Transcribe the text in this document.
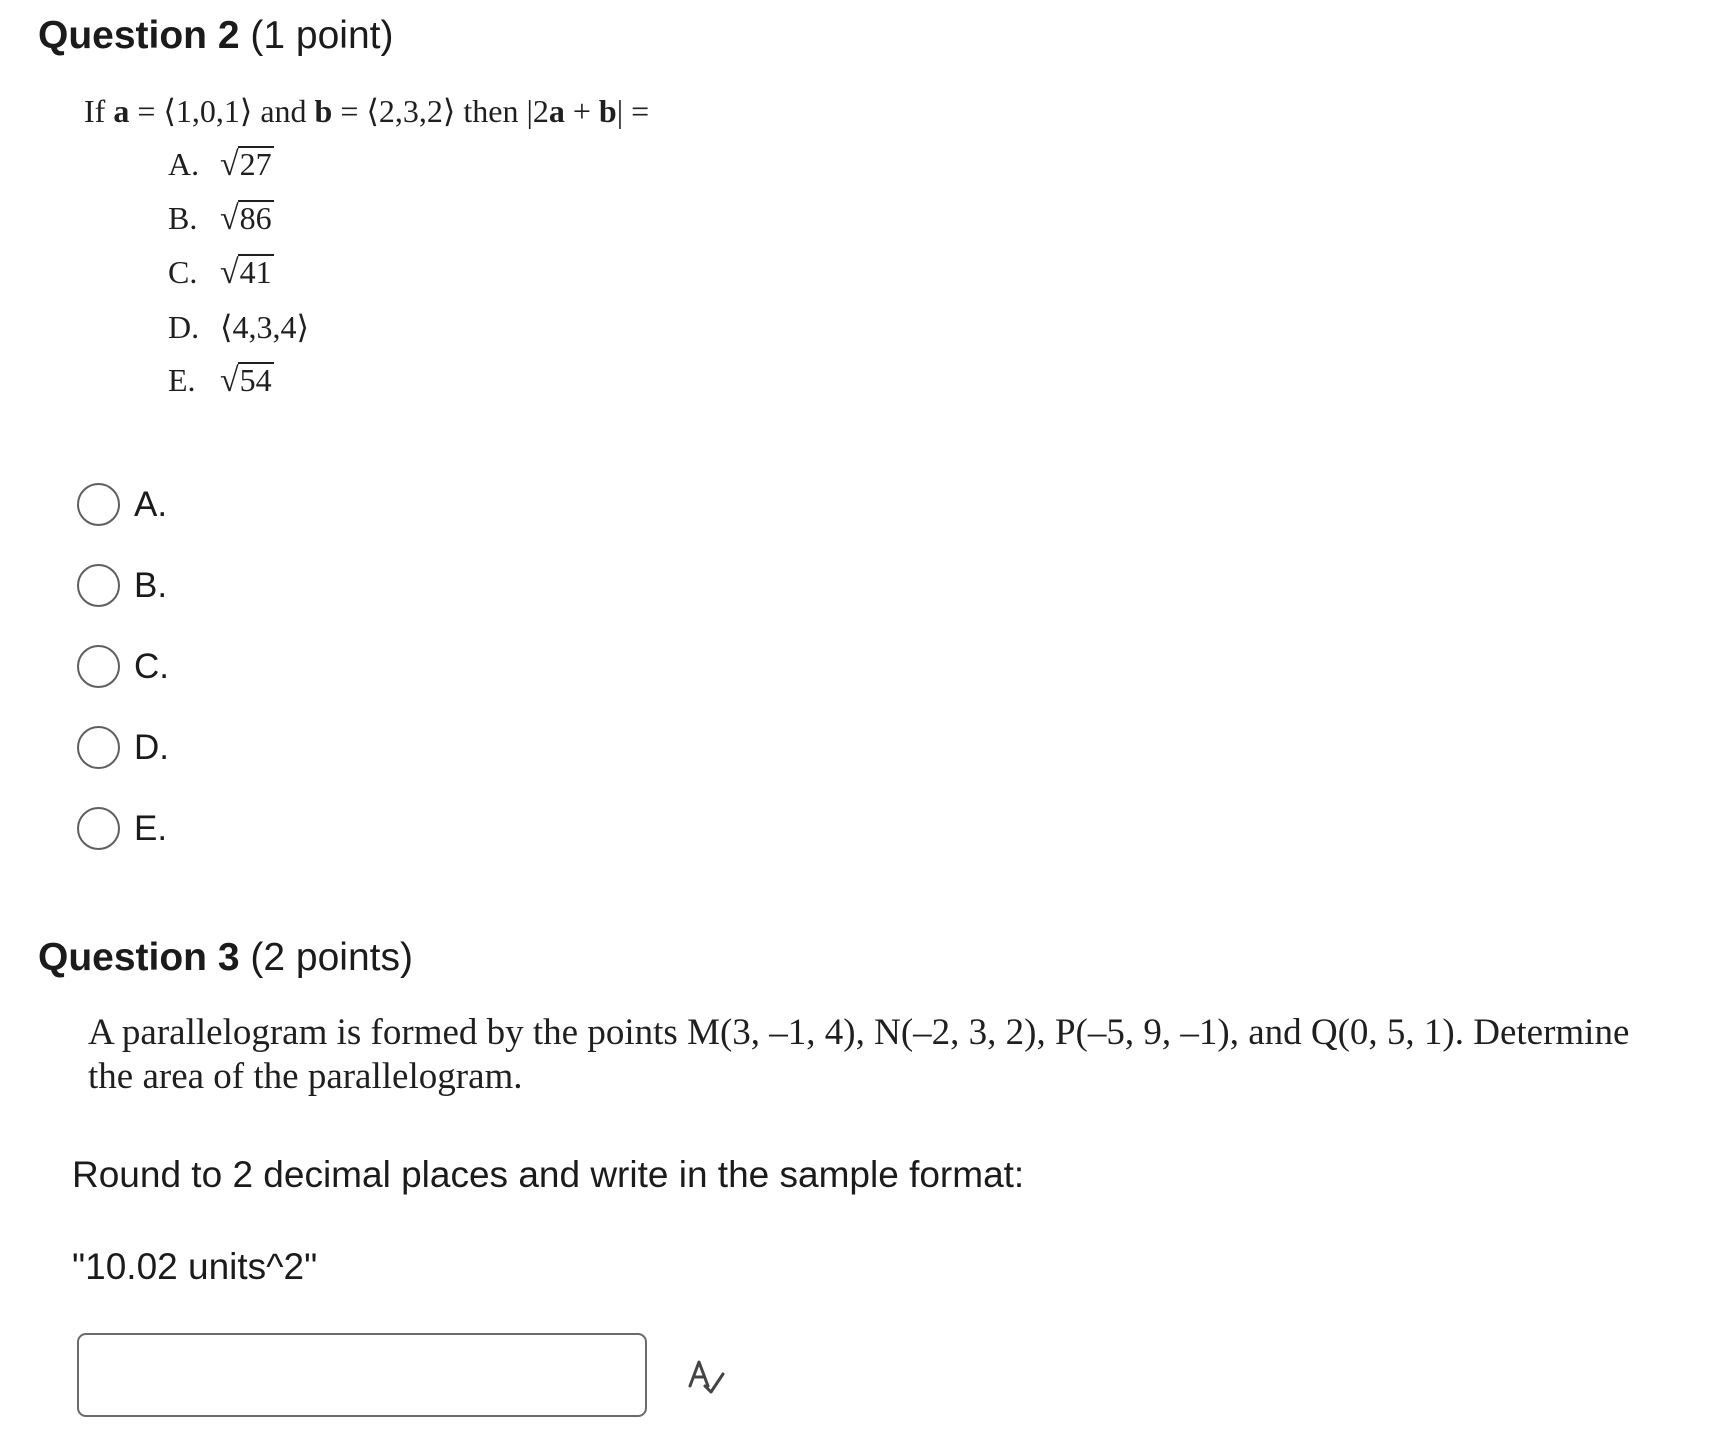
Question 2 (1 point)
If a = ⟨1,0,1⟩ and b = ⟨2,3,2⟩ then |2a + b| =
A. √ 27
B. √ 86
C. √ 41
D. ⟨4,3,4⟩
E. √ 54
A.
B.
C.
D.
E.
Question 3 (2 points)
A parallelogram is formed by the points M(3, –1, 4), N(–2, 3, 2), P(–5, 9, –1), and Q(0, 5, 1). Determine the area of the parallelogram.
Round to 2 decimal places and write in the sample format:
"10.02 units^2"
